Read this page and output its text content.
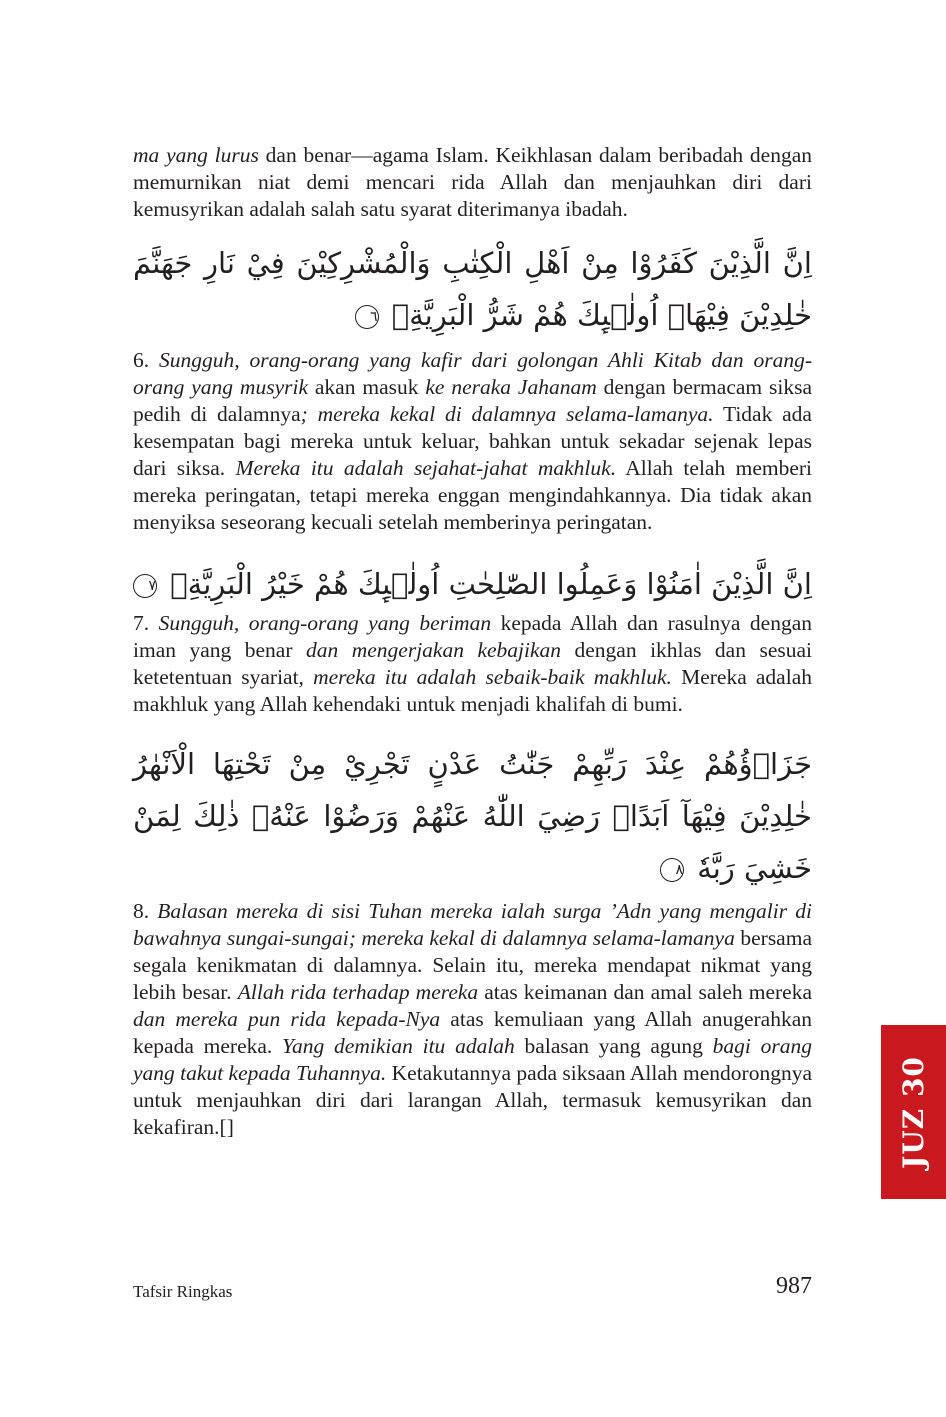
ma yang lurus dan benar—agama Islam. Keikhlasan dalam beribadah dengan memurnikan niat demi mencari rida Allah dan menjauhkan diri dari kemusyrikan adalah salah satu syarat diterimanya ibadah.

اِنَّ الَّذِيْنَ كَفَرُوْا مِنْ اَهْلِ الْكِتٰبِ وَالْمُشْرِكِيْنَ فِيْ نَارِ جَهَنَّمَ خٰلِدِيْنَ فِيْهَاۗ اُولٰۤىِٕكَ هُمْ شَرُّ الْبَرِيَّةِۗ ٦

6. Sungguh, orang-orang yang kafir dari golongan Ahli Kitab dan orang-orang yang musyrik akan masuk ke neraka Jahanam dengan bermacam siksa pedih di dalamnya; mereka kekal di dalamnya selama-lamanya. Tidak ada kesempatan bagi mereka untuk keluar, bahkan untuk sekadar sejenak lepas dari siksa. Mereka itu adalah sejahat-jahat makhluk. Allah telah memberi mereka peringatan, tetapi mereka enggan mengindahkannya. Dia tidak akan menyiksa seseorang kecuali setelah memberinya peringatan.

اِنَّ الَّذِيْنَ اٰمَنُوْا وَعَمِلُوا الصّٰلِحٰتِ اُولٰۤىِٕكَ هُمْ خَيْرُ الْبَرِيَّةِۗ ٧

7. Sungguh, orang-orang yang beriman kepada Allah dan rasulnya dengan iman yang benar dan mengerjakan kebajikan dengan ikhlas dan sesuai ketetentuan syariat, mereka itu adalah sebaik-baik makhluk. Mereka adalah makhluk yang Allah kehendaki untuk menjadi khalifah di bumi.

جَزَاۤؤُهُمْ عِنْدَ رَبِّهِمْ جَنّٰتُ عَدْنٍ تَجْرِيْ مِنْ تَحْتِهَا الْاَنْهٰرُ خٰلِدِيْنَ فِيْهَآ اَبَدًاۗ رَضِيَ اللّٰهُ عَنْهُمْ وَرَضُوْا عَنْهُۗ ذٰلِكَ لِمَنْ خَشِيَ رَبَّهٗ ٨

8. Balasan mereka di sisi Tuhan mereka ialah surga ’Adn yang mengalir di bawahnya sungai-sungai; mereka kekal di dalamnya selama-lamanya bersama segala kenikmatan di dalamnya. Selain itu, mereka mendapat nikmat yang lebih besar. Allah rida terhadap mereka atas keimanan dan amal saleh mereka dan mereka pun rida kepada-Nya atas kemuliaan yang Allah anugerahkan kepada mereka. Yang demikian itu adalah balasan yang agung bagi orang yang takut kepada Tuhannya. Ketakutannya pada siksaan Allah mendorongnya untuk menjauhkan diri dari larangan Allah, termasuk kemusyrikan dan kekafiran.[]	JUZ 30
Tafsir Ringkas	987
